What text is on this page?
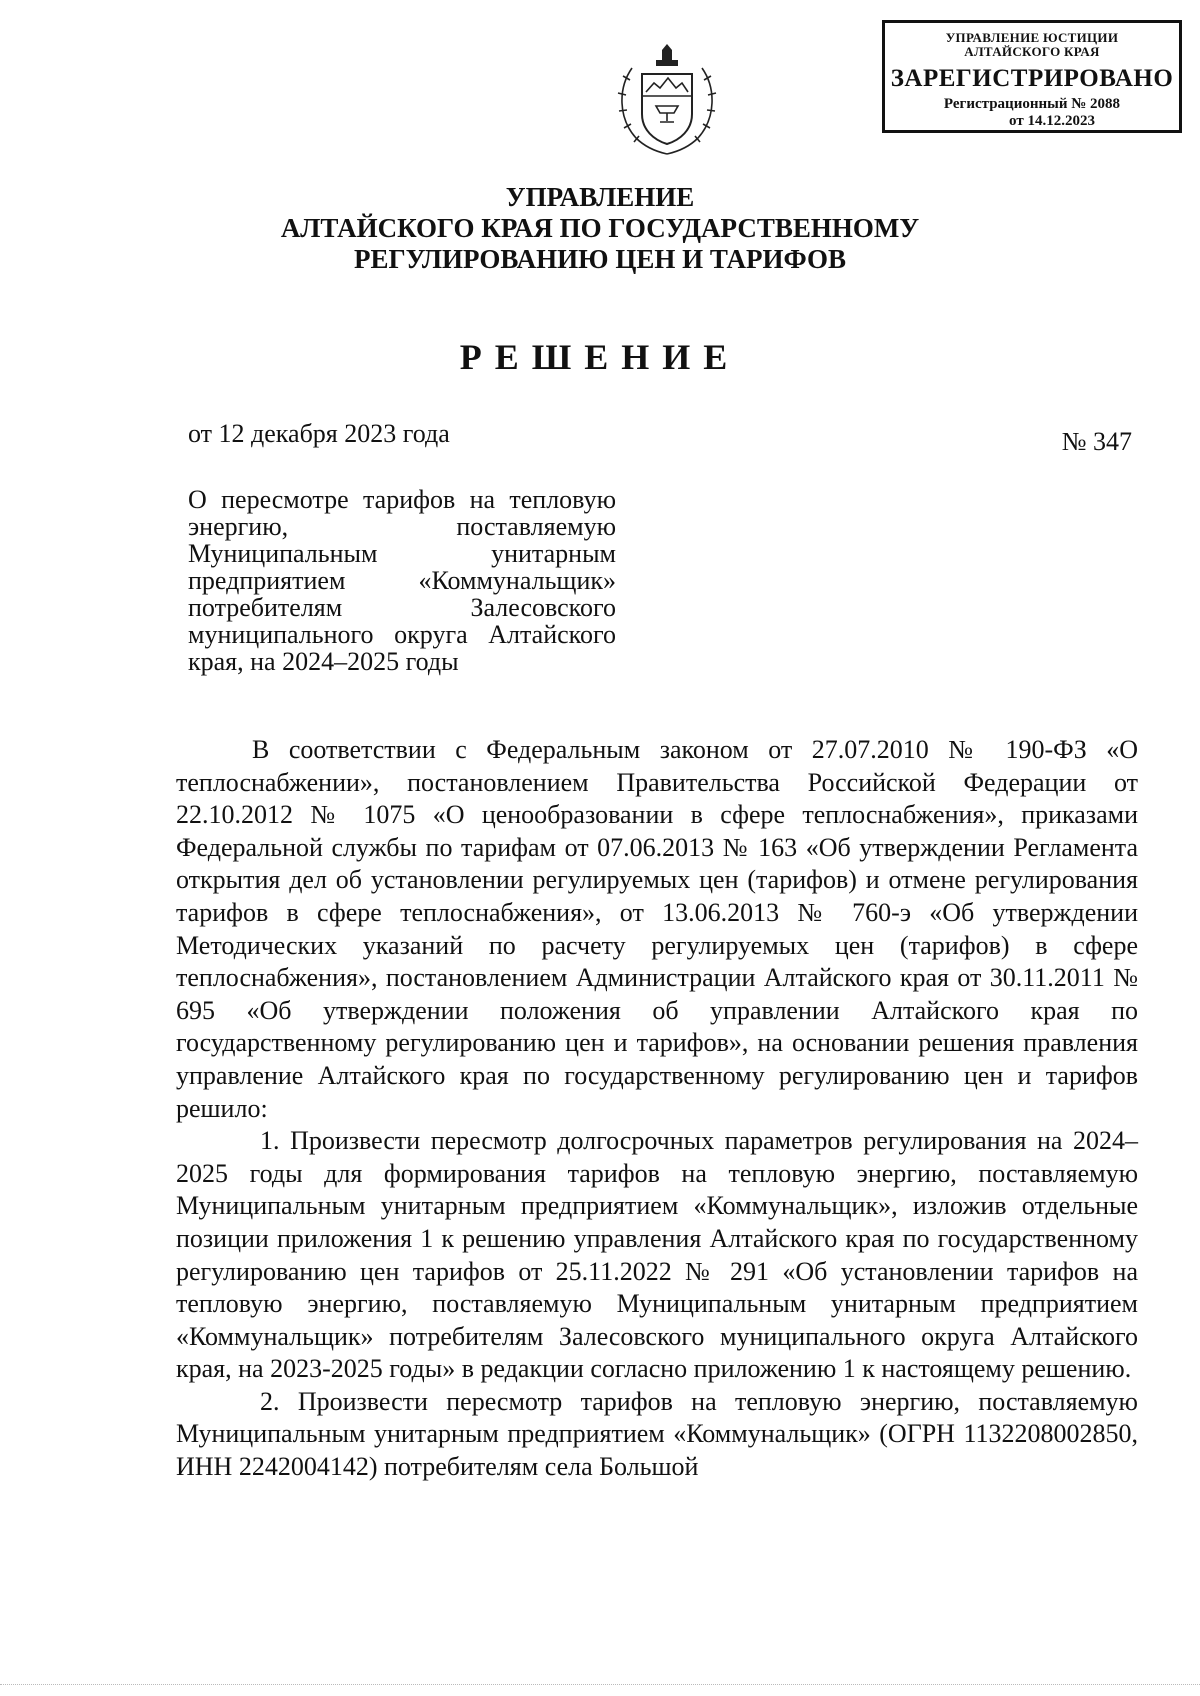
УПРАВЛЕНИЕ ЮСТИЦИИ
АЛТАЙСКОГО КРАЯ
ЗАРЕГИСТРИРОВАНО
Регистрационный № 2088
от 14.12.2023
УПРАВЛЕНИЕ
АЛТАЙСКОГО КРАЯ ПО ГОСУДАРСТВЕННОМУ
РЕГУЛИРОВАНИЮ ЦЕН И ТАРИФОВ
РЕШЕНИЕ
от 12 декабря 2023 года	№ 347
О пересмотре тарифов на тепловую энергию, поставляемую Муниципальным унитарным предприятием «Коммунальщик» потребителям Залесовского муниципального округа Алтайского края, на 2024–2025 годы

В соответствии с Федеральным законом от 27.07.2010 № 190-ФЗ «О теплоснабжении», постановлением Правительства Российской Федерации от 22.10.2012 № 1075 «О ценообразовании в сфере теплоснабжения», приказами Федеральной службы по тарифам от 07.06.2013 № 163 «Об утверждении Регламента открытия дел об установлении регулируемых цен (тарифов) и отмене регулирования тарифов в сфере теплоснабжения», от 13.06.2013 № 760-э «Об утверждении Методических указаний по расчету регулируемых цен (тарифов) в сфере теплоснабжения», постановлением Администрации Алтайского края от 30.11.2011 № 695 «Об утверждении положения об управлении Алтайского края по государственному регулированию цен и тарифов», на основании решения правления управление Алтайского края по государственному регулированию цен и тарифов решило:

1. Произвести пересмотр долгосрочных параметров регулирования на 2024–2025 годы для формирования тарифов на тепловую энергию, поставляемую Муниципальным унитарным предприятием «Коммунальщик», изложив отдельные позиции приложения 1 к решению управления Алтайского края по государственному регулированию цен тарифов от 25.11.2022 № 291 «Об установлении тарифов на тепловую энергию, поставляемую Муниципальным унитарным предприятием «Коммунальщик» потребителям Залесовского муниципального округа Алтайского края, на 2023-2025 годы» в редакции согласно приложению 1 к настоящему решению.

2. Произвести пересмотр тарифов на тепловую энергию, поставляемую Муниципальным унитарным предприятием «Коммунальщик» (ОГРН 1132208002850, ИНН 2242004142) потребителям села Большой
